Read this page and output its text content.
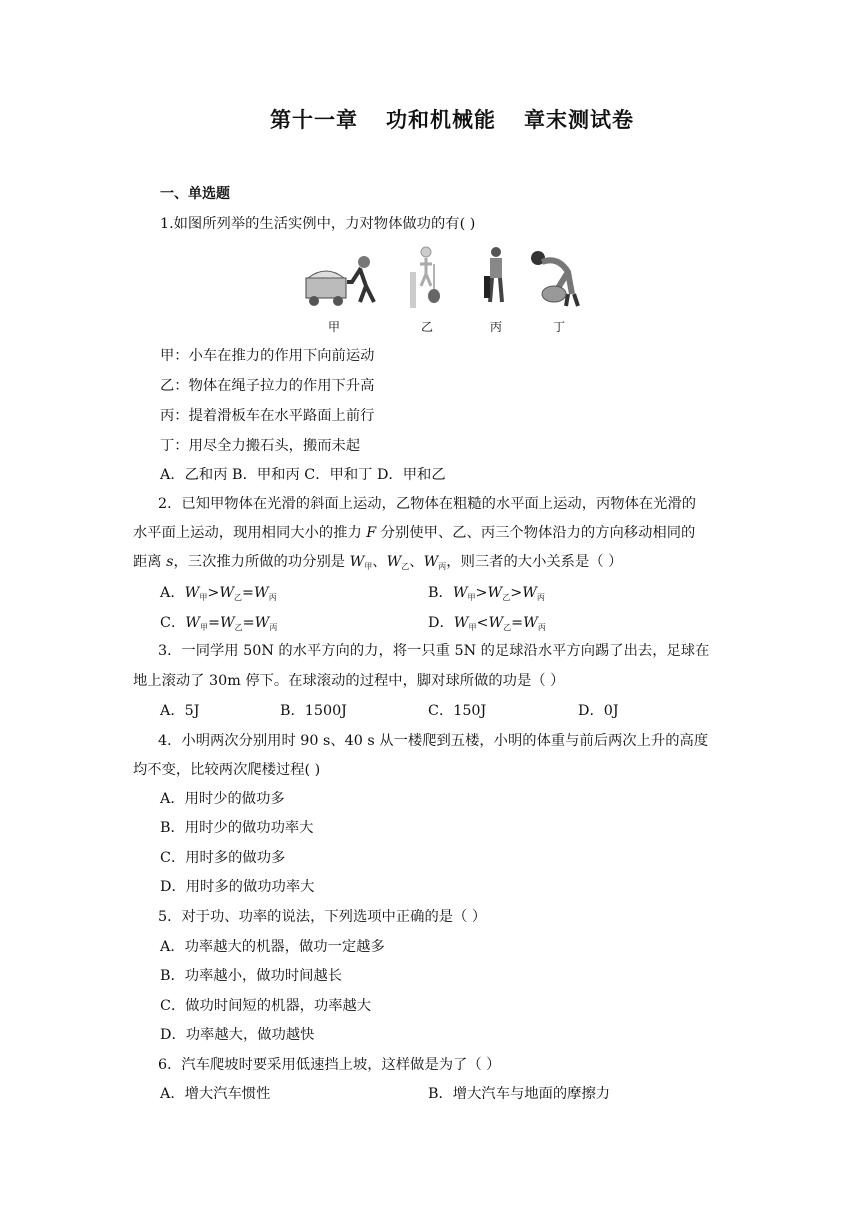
第十一章 功和机械能 章末测试卷
一、单选题
1.如图所列举的生活实例中，力对物体做功的有( )
甲	乙	丙	丁
甲：小车在推力的作用下向前运动
乙：物体在绳子拉力的作用下升高
丙：提着滑板车在水平路面上前行
丁：用尽全力搬石头，搬而未起
A．乙和丙 B．甲和丙 C．甲和丁 D．甲和乙
2．已知甲物体在光滑的斜面上运动，乙物体在粗糙的水平面上运动，丙物体在光滑的
水平面上运动，现用相同大小的推力 F 分别使甲、乙、丙三个物体沿力的方向移动相同的
距离 s，三次推力所做的功分别是 $W_甲$、$W_乙$、$W_丙$，则三者的大小关系是（ ）
A．$W_甲>W_乙=W_丙$	B．$W_甲>W_乙>W_丙$
C．$W_甲=W_乙=W_丙$	D．$W_甲<W_乙=W_丙$
3．一同学用 50N 的水平方向的力，将一只重 5N 的足球沿水平方向踢了出去，足球在
地上滚动了 30m 停下。在球滚动的过程中，脚对球所做的功是（ ）
A．5J	B．1500J	C．150J	D．0J
4．小明两次分别用时 90 s、40 s 从一楼爬到五楼，小明的体重与前后两次上升的高度
均不变，比较两次爬楼过程( )
A．用时少的做功多
B．用时少的做功功率大
C．用时多的做功多
D．用时多的做功功率大
5．对于功、功率的说法，下列选项中正确的是（ ）
A．功率越大的机器，做功一定越多
B．功率越小，做功时间越长
C．做功时间短的机器，功率越大
D．功率越大，做功越快
6．汽车爬坡时要采用低速挡上坡，这样做是为了（ ）
A．增大汽车惯性	B．增大汽车与地面的摩擦力
